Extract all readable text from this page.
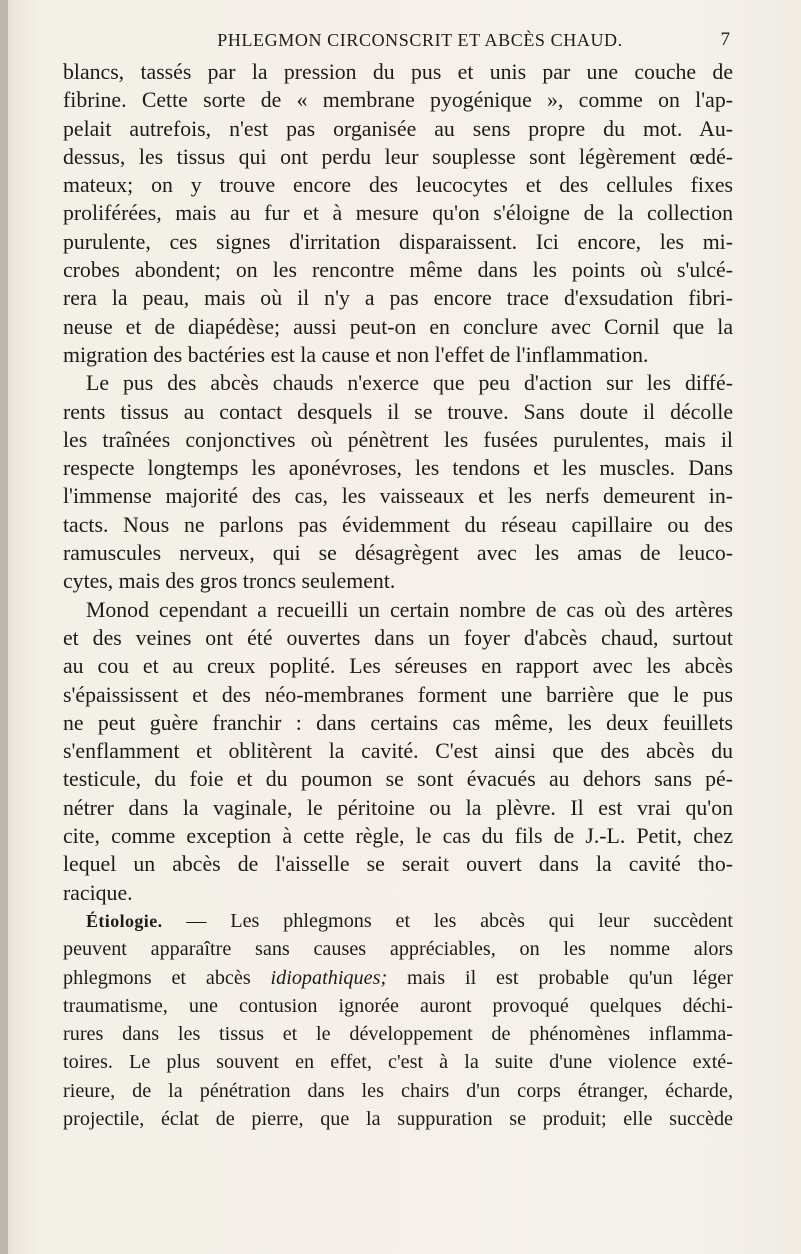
PHLEGMON CIRCONSCRIT ET ABCÈS CHAUD.	7
blancs, tassés par la pression du pus et unis par une couche de
fibrine. Cette sorte de « membrane pyogénique », comme on l'ap-
pelait autrefois, n'est pas organisée au sens propre du mot. Au-
dessus, les tissus qui ont perdu leur souplesse sont légèrement œdé-
mateux; on y trouve encore des leucocytes et des cellules fixes
proliférées, mais au fur et à mesure qu'on s'éloigne de la collection
purulente, ces signes d'irritation disparaissent. Ici encore, les mi-
crobes abondent; on les rencontre même dans les points où s'ulcé-
rera la peau, mais où il n'y a pas encore trace d'exsudation fibri-
neuse et de diapédèse; aussi peut-on en conclure avec Cornil que la
migration des bactéries est la cause et non l'effet de l'inflammation.
Le pus des abcès chauds n'exerce que peu d'action sur les diffé-
rents tissus au contact desquels il se trouve. Sans doute il décolle
les traînées conjonctives où pénètrent les fusées purulentes, mais il
respecte longtemps les aponévroses, les tendons et les muscles. Dans
l'immense majorité des cas, les vaisseaux et les nerfs demeurent in-
tacts. Nous ne parlons pas évidemment du réseau capillaire ou des
ramuscules nerveux, qui se désagrègent avec les amas de leuco-
cytes, mais des gros troncs seulement.
Monod cependant a recueilli un certain nombre de cas où des artères
et des veines ont été ouvertes dans un foyer d'abcès chaud, surtout
au cou et au creux poplité. Les séreuses en rapport avec les abcès
s'épaississent et des néo-membranes forment une barrière que le pus
ne peut guère franchir : dans certains cas même, les deux feuillets
s'enflamment et oblitèrent la cavité. C'est ainsi que des abcès du
testicule, du foie et du poumon se sont évacués au dehors sans pé-
nétrer dans la vaginale, le péritoine ou la plèvre. Il est vrai qu'on
cite, comme exception à cette règle, le cas du fils de J.-L. Petit, chez
lequel un abcès de l'aisselle se serait ouvert dans la cavité tho-
racique.
Étiologie. — Les phlegmons et les abcès qui leur succèdent
peuvent apparaître sans causes appréciables, on les nomme alors
phlegmons et abcès idiopathiques; mais il est probable qu'un léger
traumatisme, une contusion ignorée auront provoqué quelques déchi-
rures dans les tissus et le développement de phénomènes inflamma-
toires. Le plus souvent en effet, c'est à la suite d'une violence exté-
rieure, de la pénétration dans les chairs d'un corps étranger, écharde,
projectile, éclat de pierre, que la suppuration se produit; elle succède
